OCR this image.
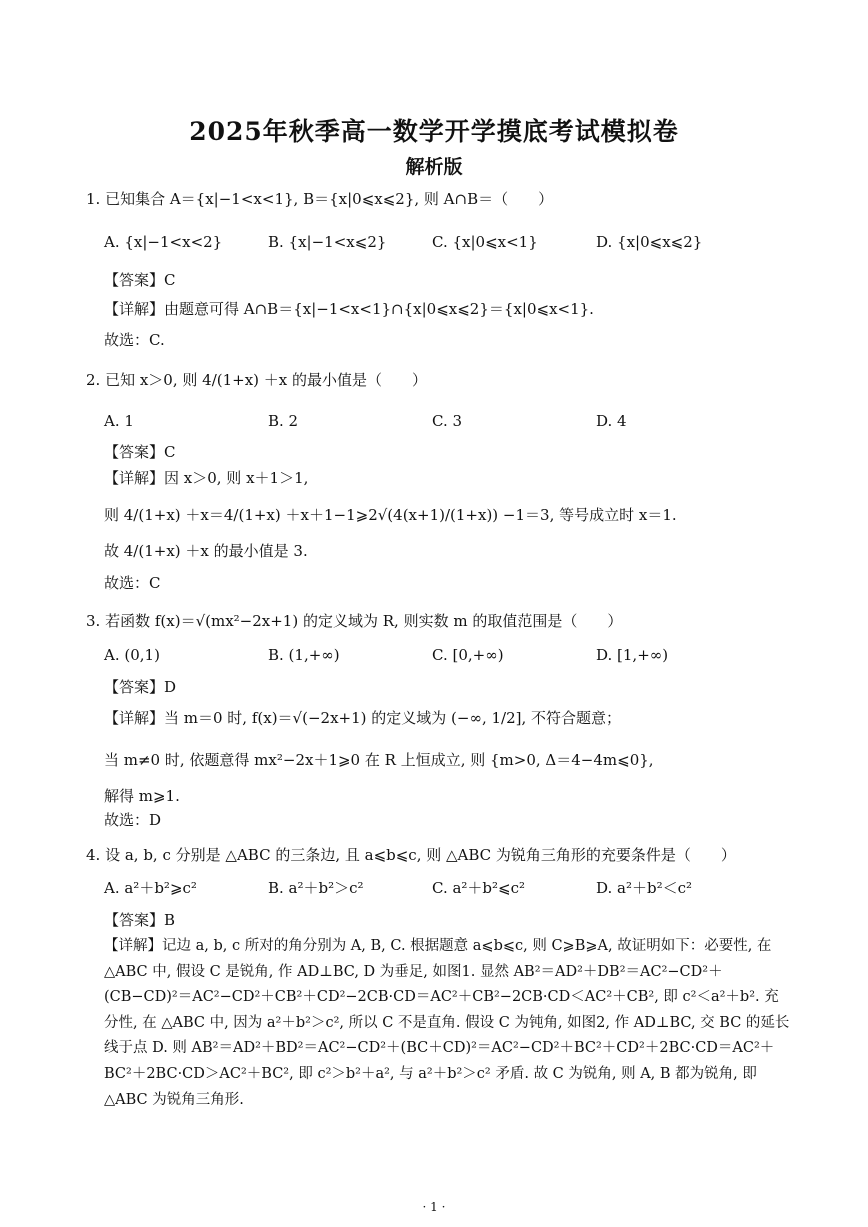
2025年秋季高一数学开学摸底考试模拟卷
解析版
1. 已知集合 A＝{x|−1<x<1}, B＝{x|0⩽x⩽2}, 则 A∩B＝（　　）
A. {x|−1<x<2}	B. {x|−1<x⩽2}	C. {x|0⩽x<1}	D. {x|0⩽x⩽2}
【答案】C
【详解】由题意可得 A∩B＝{x|−1<x<1}∩{x|0⩽x⩽2}＝{x|0⩽x<1}.
故选：C.
2. 已知 x＞0, 则 4/(1+x) ＋x 的最小值是（　　）
A. 1	B. 2	C. 3	D. 4
【答案】C
【详解】因 x＞0, 则 x＋1＞1,
则 4/(1+x) ＋x＝4/(1+x) ＋x＋1−1⩾2√(4(x+1)/(1+x)) −1＝3, 等号成立时 x＝1.
故 4/(1+x) ＋x 的最小值是 3.
故选：C
3. 若函数 f(x)＝√(mx²−2x+1) 的定义域为 R, 则实数 m 的取值范围是（　　）
A. (0,1)	B. (1,+∞)	C. [0,+∞)	D. [1,+∞)
【答案】D
【详解】当 m＝0 时, f(x)＝√(−2x+1) 的定义域为 (−∞, 1/2], 不符合题意；
当 m≠0 时, 依题意得 mx²−2x＋1⩾0 在 R 上恒成立, 则 {m>0, Δ＝4−4m⩽0},
解得 m⩾1.
故选：D
4. 设 a, b, c 分别是 △ABC 的三条边, 且 a⩽b⩽c, 则 △ABC 为锐角三角形的充要条件是（　　）
A. a²＋b²⩾c²	B. a²＋b²＞c²	C. a²＋b²⩽c²	D. a²＋b²＜c²
【答案】B
【详解】记边 a, b, c 所对的角分别为 A, B, C. 根据题意 a⩽b⩽c, 则 C⩾B⩾A, 故证明如下：必要性, 在 △ABC 中, 假设 C 是锐角, 作 AD⊥BC, D 为垂足, 如图1. 显然 AB²＝AD²＋DB²＝AC²−CD²＋(CB−CD)²＝AC²−CD²＋CB²＋CD²−2CB·CD＝AC²＋CB²−2CB·CD＜AC²＋CB², 即 c²＜a²＋b². 充分性, 在 △ABC 中, 因为 a²＋b²＞c², 所以 C 不是直角. 假设 C 为钝角, 如图2, 作 AD⊥BC, 交 BC 的延长线于点 D. 则 AB²＝AD²＋BD²＝AC²−CD²＋(BC＋CD)²＝AC²−CD²＋BC²＋CD²＋2BC·CD＝AC²＋BC²＋2BC·CD＞AC²＋BC², 即 c²＞b²＋a², 与 a²＋b²＞c² 矛盾. 故 C 为锐角, 则 A, B 都为锐角, 即 △ABC 为锐角三角形.
· 1 ·
